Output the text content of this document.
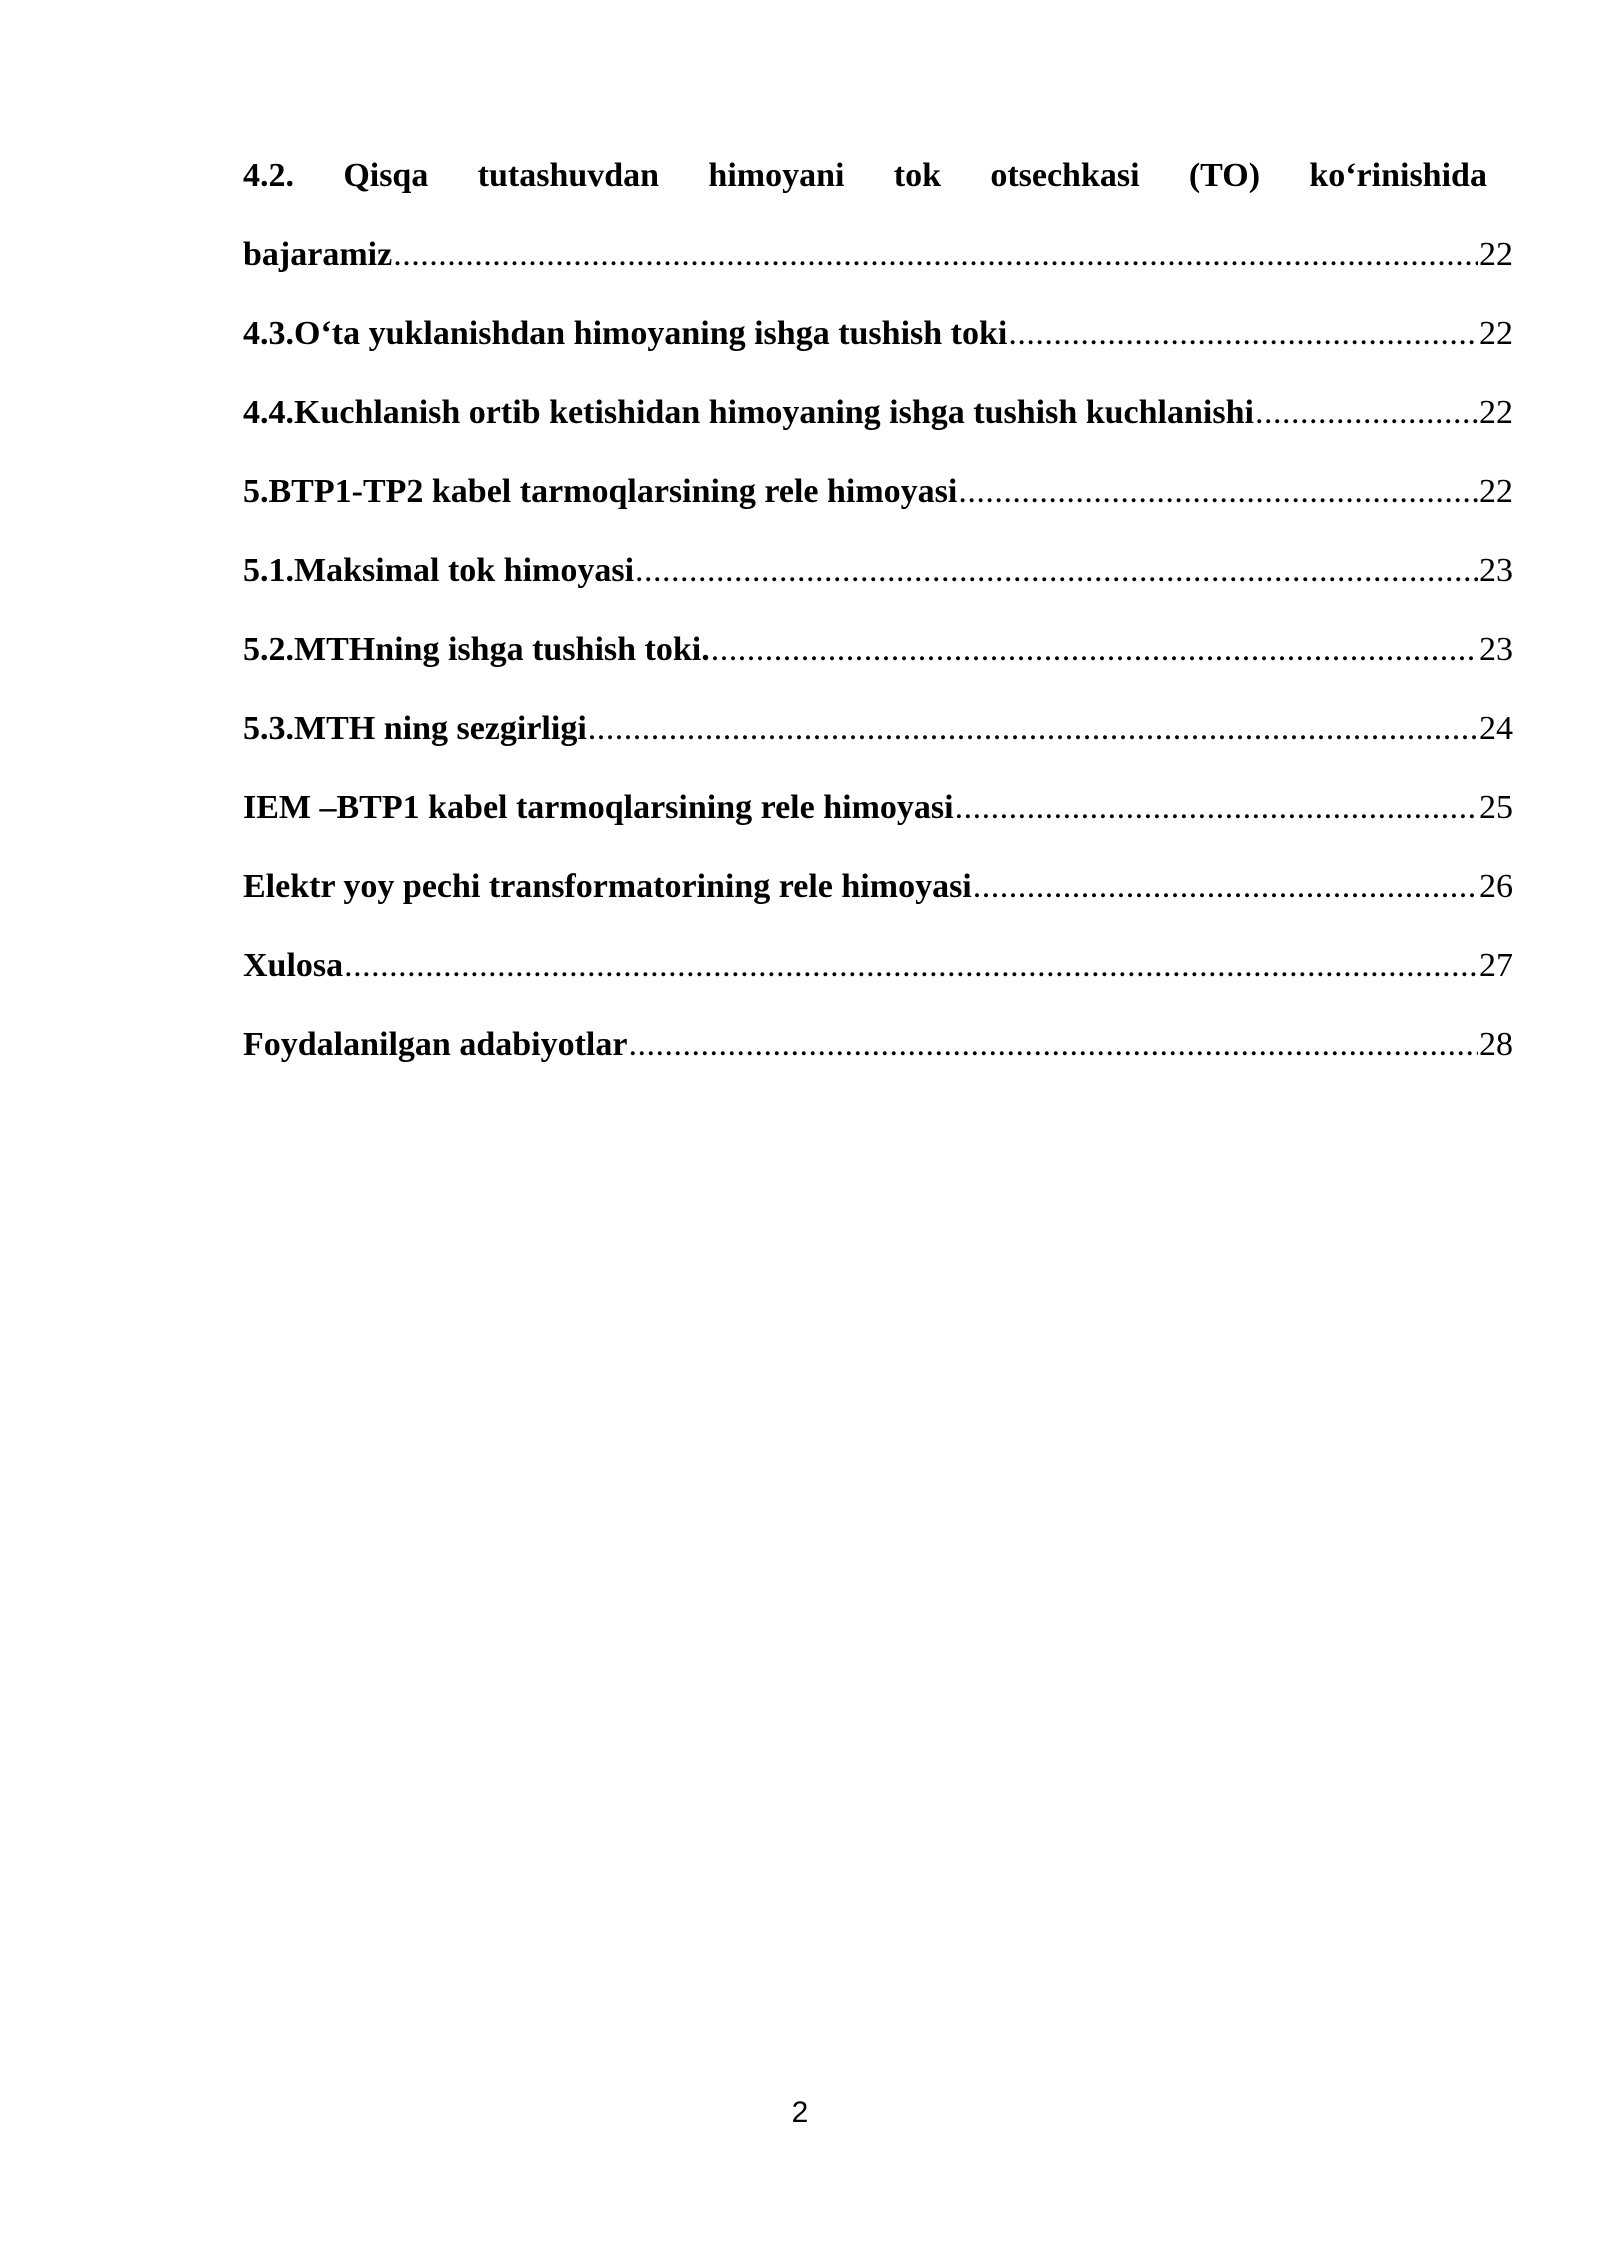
4.2. Qisqa tutashuvdan himoyani tok otsechkasi (TO) ko‘rinishida
bajaramiz .....	22
4.3.O‘ta yuklanishdan himoyaning ishga tushish toki .....	22
4.4.Kuchlanish ortib ketishidan himoyaning ishga tushish kuchlanishi .....	22
5.BTP1-TP2 kabel tarmoqlarsining rele himoyasi .....	22
5.1.Maksimal tok himoyasi .....	23
5.2.MTHning ishga tushish toki. .....	23
5.3.MTH ning sezgirligi .....	24
IEM –BTP1 kabel tarmoqlarsining rele himoyasi .....	25
Elektr yoy pechi transformatorining rele himoyasi .....	26
Xulosa .....	27
Foydalanilgan adabiyotlar .....	28
2
